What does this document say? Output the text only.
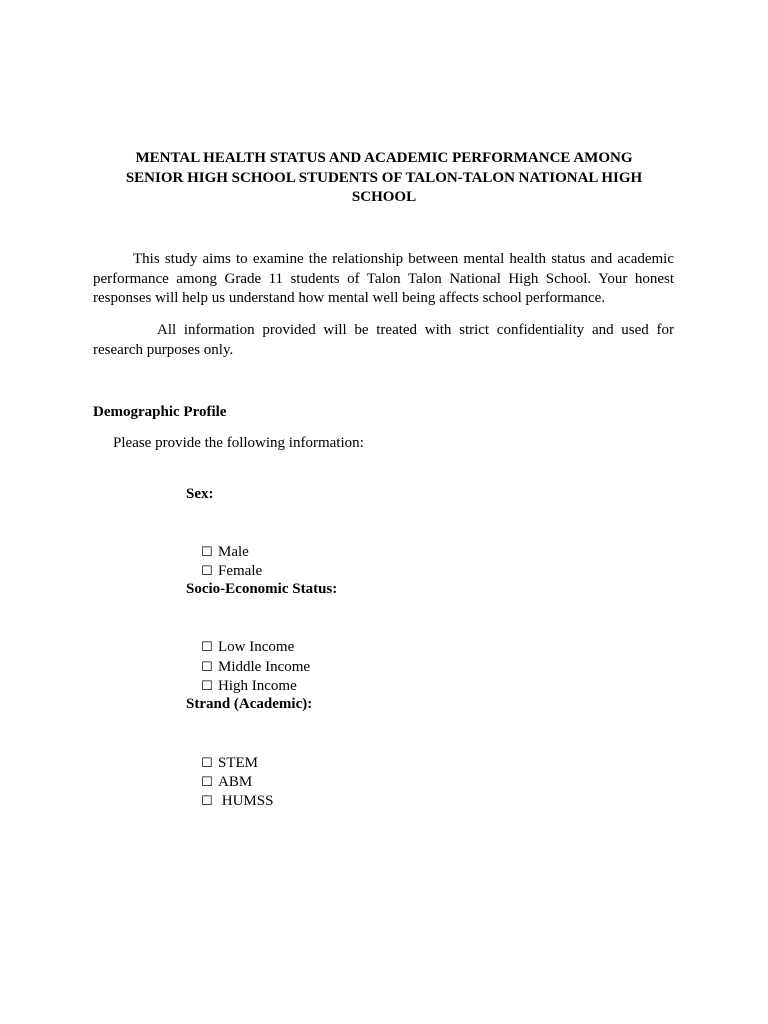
MENTAL HEALTH STATUS AND ACADEMIC PERFORMANCE AMONG
SENIOR HIGH SCHOOL STUDENTS OF TALON-TALON NATIONAL HIGH
SCHOOL

This study aims to examine the relationship between mental health status and academic performance among Grade 11 students of Talon Talon National High School. Your honest responses will help us understand how mental well being affects school performance.

All information provided will be treated with strict confidentiality and used for research purposes only.

Demographic Profile
Please provide the following information:
Sex:

☐ Male

☐ Female

Socio-Economic Status:

☐ Low Income

☐ Middle Income

☐ High Income

Strand (Academic):

☐ STEM

☐ ABM

☐ HUMSS
